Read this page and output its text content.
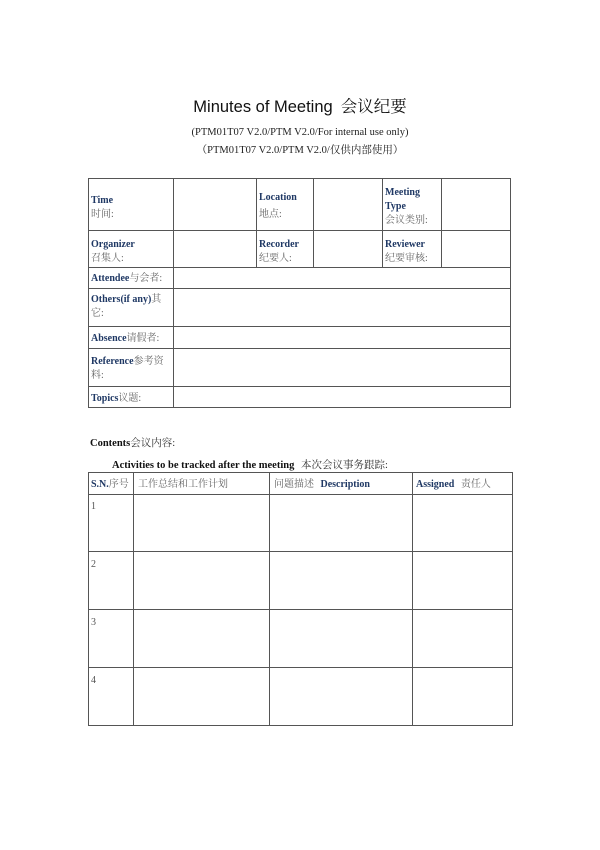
Minutes of Meeting 会议纪要
(PTM01T07 V2.0/PTM V2.0/For internal use only)
（PTM01T07 V2.0/PTM V2.0/仅供内部使用）
Time
时间:
Location
地点:
Meeting
Type
会议类别:
Organizer
召集人:
Recorder
纪要人:
Reviewer
纪要审核:
Attendee与会者:
Others(if any)其
它:
Absence请假者:
Reference参考资
料:
Topics议题:
Contents会议内容:
Activities to be tracked after the meeting 本次会议事务跟踪:
S.N.序号 工作总结和工作计划	问题描述 Description	Assigned 责任人
1
2
3
4
